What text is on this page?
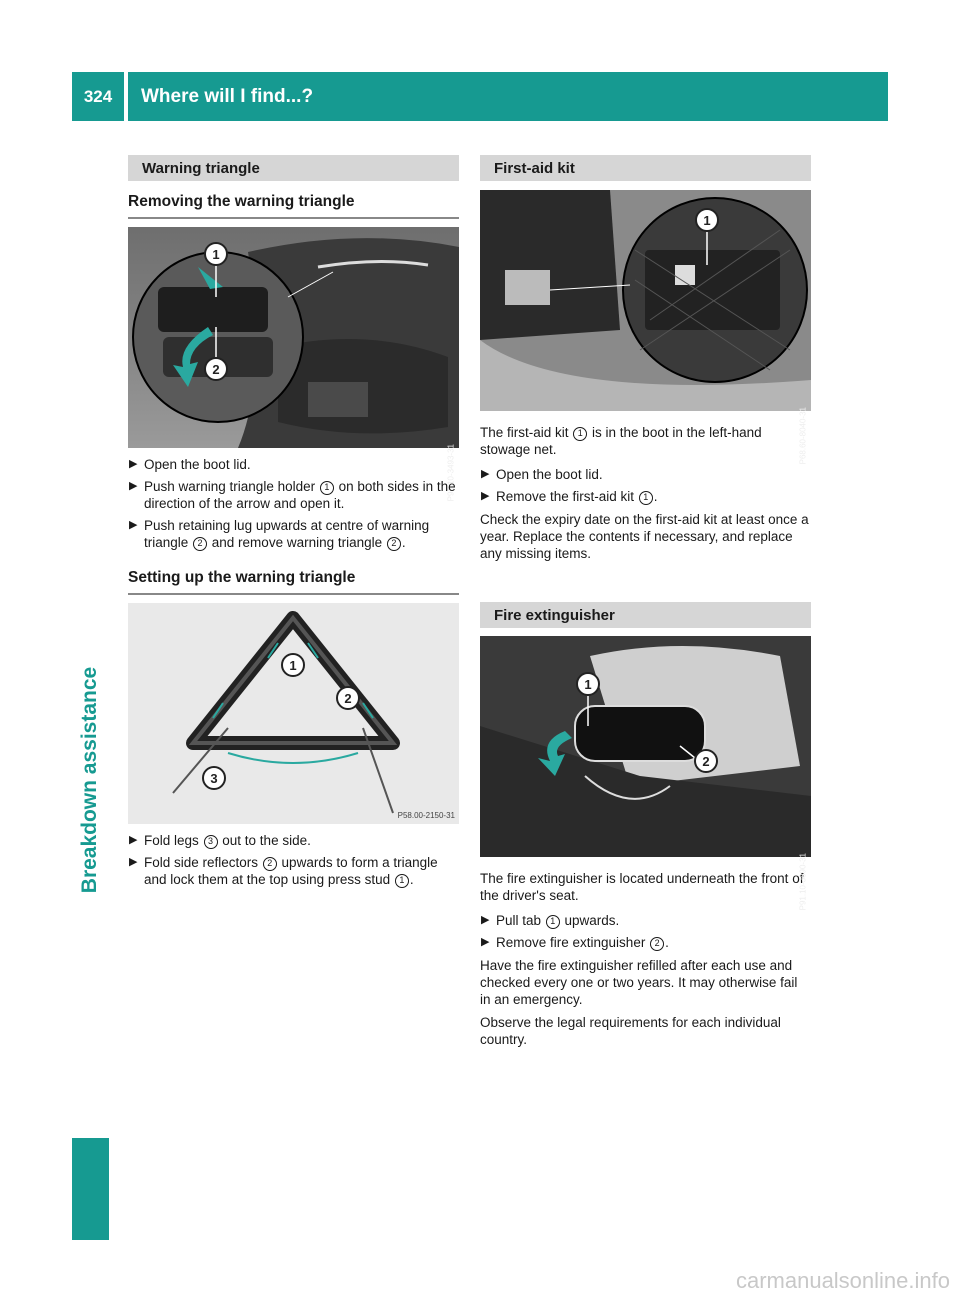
324	Where will I find...?
Breakdown assistance
Warning triangle
Removing the warning triangle
1
2
P91.10-3493-31
▶ Open the boot lid.
▶ Push warning triangle holder 1 on both sides in the direction of the arrow and open it.
▶ Push retaining lug upwards at centre of warning triangle 2 and remove warning triangle 2 .
Setting up the warning triangle
1
2
3
P58.00-2150-31
▶ Fold legs 3 out to the side.
▶ Fold side reflectors 2 upwards to form a triangle and lock them at the top using press stud 1 .
First-aid kit
1
P68.60-8040-31

The first-aid kit 1 is in the boot in the left-hand stowage net.

▶ Open the boot lid.
▶ Remove the first-aid kit 1 .

Check the expiry date on the first-aid kit at least once a year. Replace the contents if necessary, and replace any missing items.

Fire extinguisher
1
2
P91.10-3890-31

The fire extinguisher is located underneath the front of the driver's seat.

▶ Pull tab 1 upwards.
▶ Remove fire extinguisher 2 .

Have the fire extinguisher refilled after each use and checked every one or two years. It may otherwise fail in an emergency.

Observe the legal requirements for each individual country.

carmanualsonline.info
